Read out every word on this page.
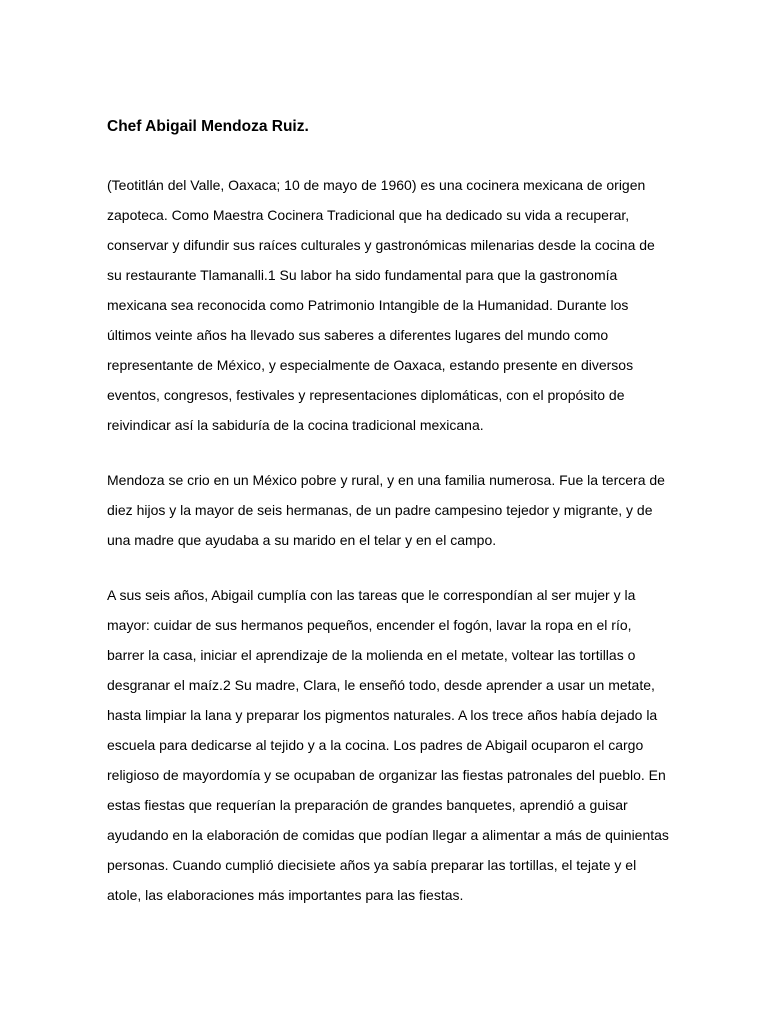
Chef Abigail Mendoza Ruiz.

(Teotitlán del Valle, Oaxaca; 10 de mayo de 1960) es una cocinera mexicana de origen
zapoteca. Como Maestra Cocinera Tradicional que ha dedicado su vida a recuperar,
conservar y difundir sus raíces culturales y gastronómicas milenarias desde la cocina de
su restaurante Tlamanalli.1 Su labor ha sido fundamental para que la gastronomía
mexicana sea reconocida como Patrimonio Intangible de la Humanidad. Durante los
últimos veinte años ha llevado sus saberes a diferentes lugares del mundo como
representante de México, y especialmente de Oaxaca, estando presente en diversos
eventos, congresos, festivales y representaciones diplomáticas, con el propósito de
reivindicar así la sabiduría de la cocina tradicional mexicana.

Mendoza se crio en un México pobre y rural, y en una familia numerosa. Fue la tercera de
diez hijos y la mayor de seis hermanas, de un padre campesino tejedor y migrante, y de
una madre que ayudaba a su marido en el telar y en el campo.

A sus seis años, Abigail cumplía con las tareas que le correspondían al ser mujer y la
mayor: cuidar de sus hermanos pequeños, encender el fogón, lavar la ropa en el río,
barrer la casa, iniciar el aprendizaje de la molienda en el metate, voltear las tortillas o
desgranar el maíz.2 Su madre, Clara, le enseñó todo, desde aprender a usar un metate,
hasta limpiar la lana y preparar los pigmentos naturales. A los trece años había dejado la
escuela para dedicarse al tejido y a la cocina. Los padres de Abigail ocuparon el cargo
religioso de mayordomía y se ocupaban de organizar las fiestas patronales del pueblo. En
estas fiestas que requerían la preparación de grandes banquetes, aprendió a guisar
ayudando en la elaboración de comidas que podían llegar a alimentar a más de quinientas
personas. Cuando cumplió diecisiete años ya sabía preparar las tortillas, el tejate y el
atole, las elaboraciones más importantes para las fiestas.
